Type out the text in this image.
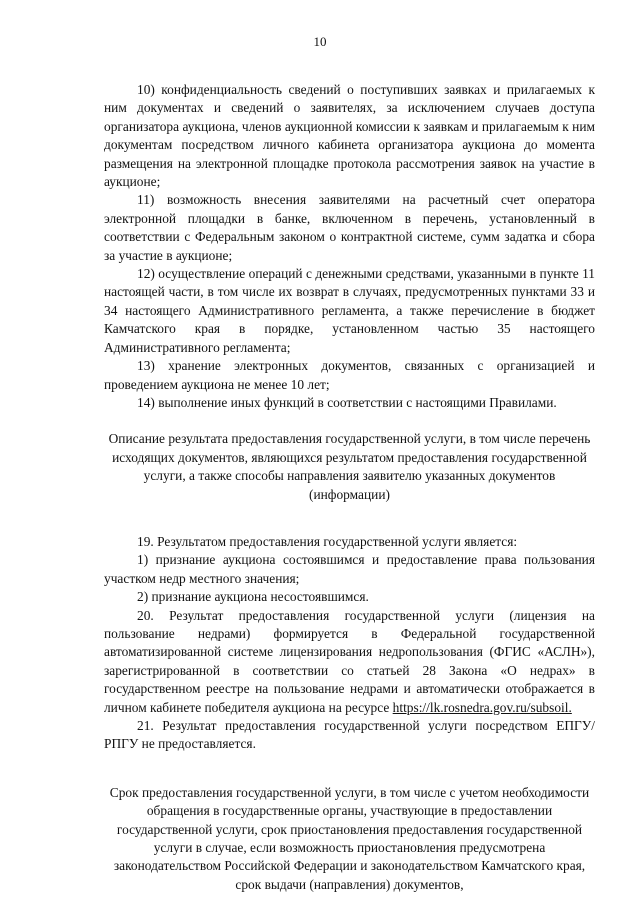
10

10) конфиденциальность сведений о поступивших заявках и прилагаемых к ним документах и сведений о заявителях, за исключением случаев доступа организатора аукциона, членов аукционной комиссии к заявкам и прилагаемым к ним документам посредством личного кабинета организатора аукциона до момента размещения на электронной площадке протокола рассмотрения заявок на участие в аукционе;

11) возможность внесения заявителями на расчетный счет оператора электронной площадки в банке, включенном в перечень, установленный в соответствии с Федеральным законом о контрактной системе, сумм задатка и сбора за участие в аукционе;

12) осуществление операций с денежными средствами, указанными в пункте 11 настоящей части, в том числе их возврат в случаях, предусмотренных пунктами 33 и 34 настоящего Административного регламента, а также перечисление в бюджет Камчатского края в порядке, установленном частью 35 настоящего Административного регламента;

13) хранение электронных документов, связанных с организацией и проведением аукциона не менее 10 лет;

14) выполнение иных функций в соответствии с настоящими Правилами.

Описание результата предоставления государственной услуги, в том числе перечень исходящих документов, являющихся результатом предоставления государственной услуги, а также способы направления заявителю указанных документов (информации)

19. Результатом предоставления государственной услуги является:

1) признание аукциона состоявшимся и предоставление права пользования участком недр местного значения;

2) признание аукциона несостоявшимся.

20. Результат предоставления государственной услуги (лицензия на пользование недрами) формируется в Федеральной государственной автоматизированной системе лицензирования недропользования (ФГИС «АСЛН»), зарегистрированной в соответствии со статьей 28 Закона «О недрах» в государственном реестре на пользование недрами и автоматически отображается в личном кабинете победителя аукциона на ресурсе https://lk.rosnedra.gov.ru/subsoil.

21. Результат предоставления государственной услуги посредством ЕПГУ/РПГУ не предоставляется.

Срок предоставления государственной услуги, в том числе с учетом необходимости обращения в государственные органы, участвующие в предоставлении государственной услуги, срок приостановления предоставления государственной услуги в случае, если возможность приостановления предусмотрена законодательством Российской Федерации и законодательством Камчатского края, срок выдачи (направления) документов,
